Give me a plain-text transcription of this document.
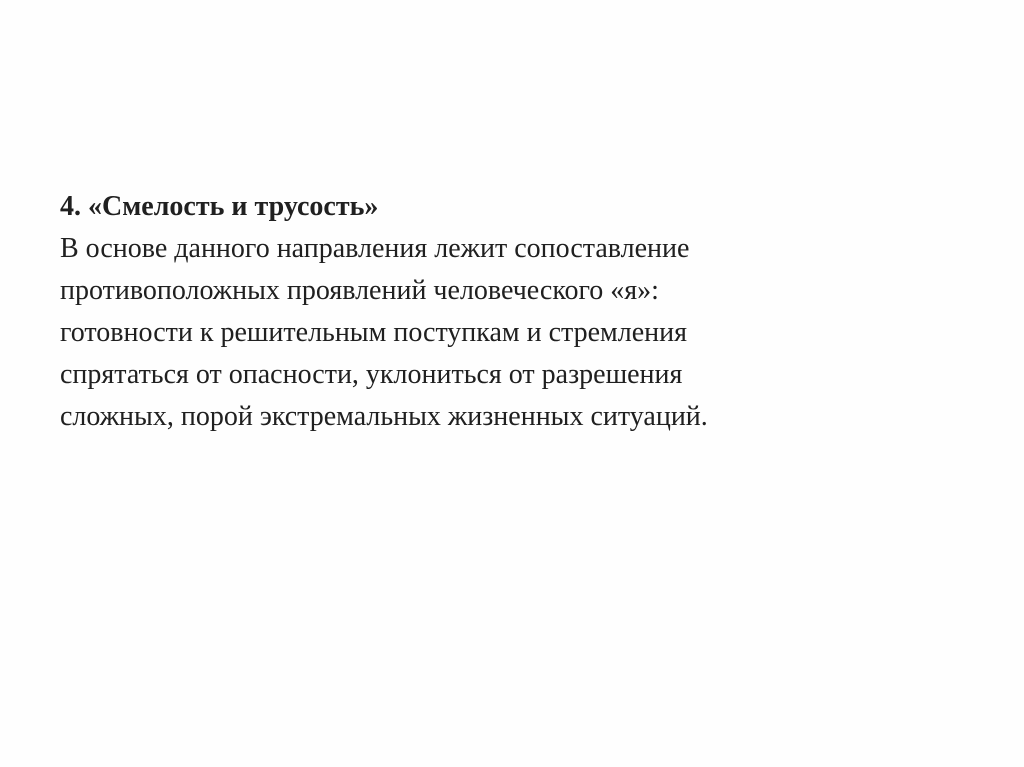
4. «Смелость и трусость»

В основе данного направления лежит сопоставление

противоположных проявлений человеческого «я»:

готовности к решительным поступкам и стремления

спрятаться от опасности, уклониться от разрешения

сложных, порой экстремальных жизненных ситуаций.
